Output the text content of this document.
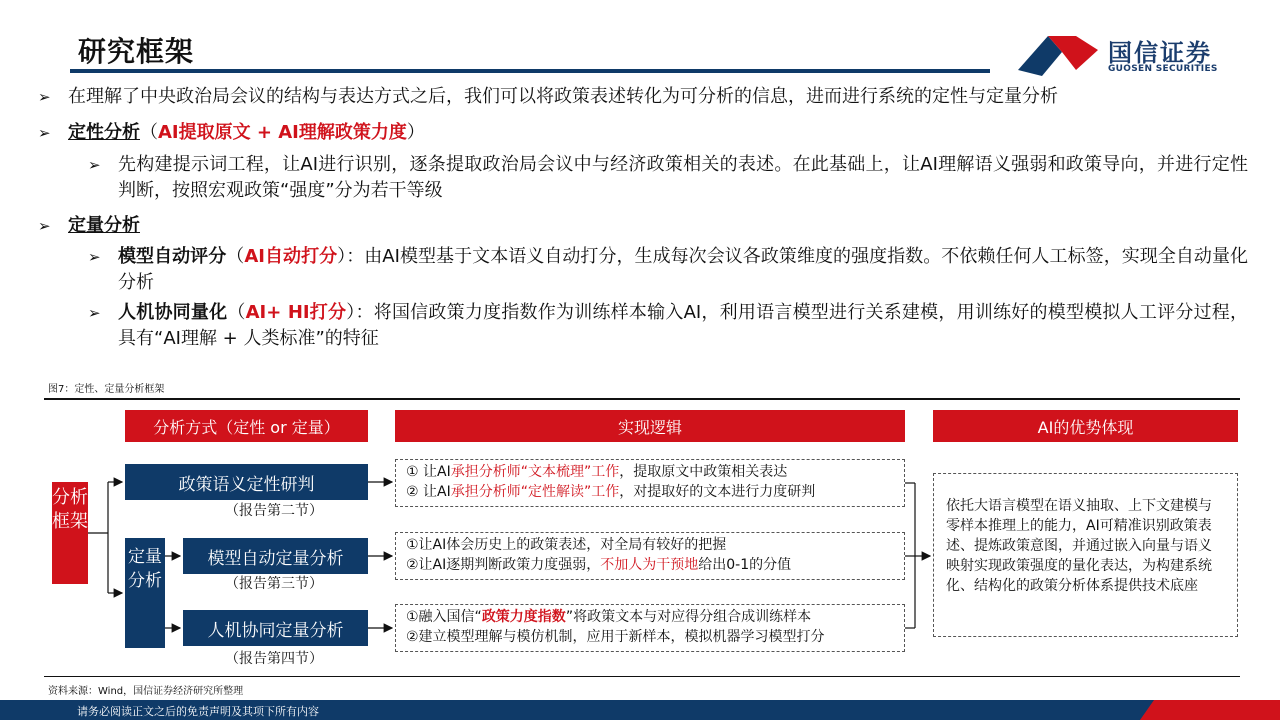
研究框架	国信证券
GUOSEN SECURITIES
➢ 在理解了中央政治局会议的结构与表达方式之后，我们可以将政策表述转化为可分析的信息，进而进行系统的定性与定量分析
➢ 定性分析（AI提取原文 + AI理解政策力度）
➢ 先构建提示词工程，让AI进行识别，逐条提取政治局会议中与经济政策相关的表述。在此基础上，让AI理解语义强弱和政策导向，并进行定性判断，按照宏观政策“强度”分为若干等级
➢ 定量分析
➢ 模型自动评分（AI自动打分）：由AI模型基于文本语义自动打分，生成每次会议各政策维度的强度指数。不依赖任何人工标签，实现全自动量化分析
➢ 人机协同量化（AI+ HI打分）：将国信政策力度指数作为训练样本输入AI，利用语言模型进行关系建模，用训练好的模型模拟人工评分过程，具有“AI理解 + 人类标准”的特征
图7：定性、定量分析框架
分析方式（定性 or 定量）	实现逻辑	AI的优势体现
分析框架
政策语义定性研判
（报告第二节）
定量分析
模型自动定量分析
（报告第三节）
人机协同定量分析
（报告第四节）
① 让AI承担分析师“文本梳理”工作，提取原文中政策相关表达
② 让AI承担分析师“定性解读”工作，对提取好的文本进行力度研判
①让AI体会历史上的政策表述，对全局有较好的把握
②让AI逐期判断政策力度强弱，不加人为干预地给出0-1的分值
①融入国信“政策力度指数”将政策文本与对应得分组合成训练样本
②建立模型理解与模仿机制，应用于新样本，模拟机器学习模型打分
依托大语言模型在语义抽取、上下文建模与零样本推理上的能力，AI可精准识别政策表述、提炼政策意图，并通过嵌入向量与语义映射实现政策强度的量化表达，为构建系统化、结构化的政策分析体系提供技术底座
资料来源：Wind，国信证券经济研究所整理
请务必阅读正文之后的免责声明及其项下所有内容
